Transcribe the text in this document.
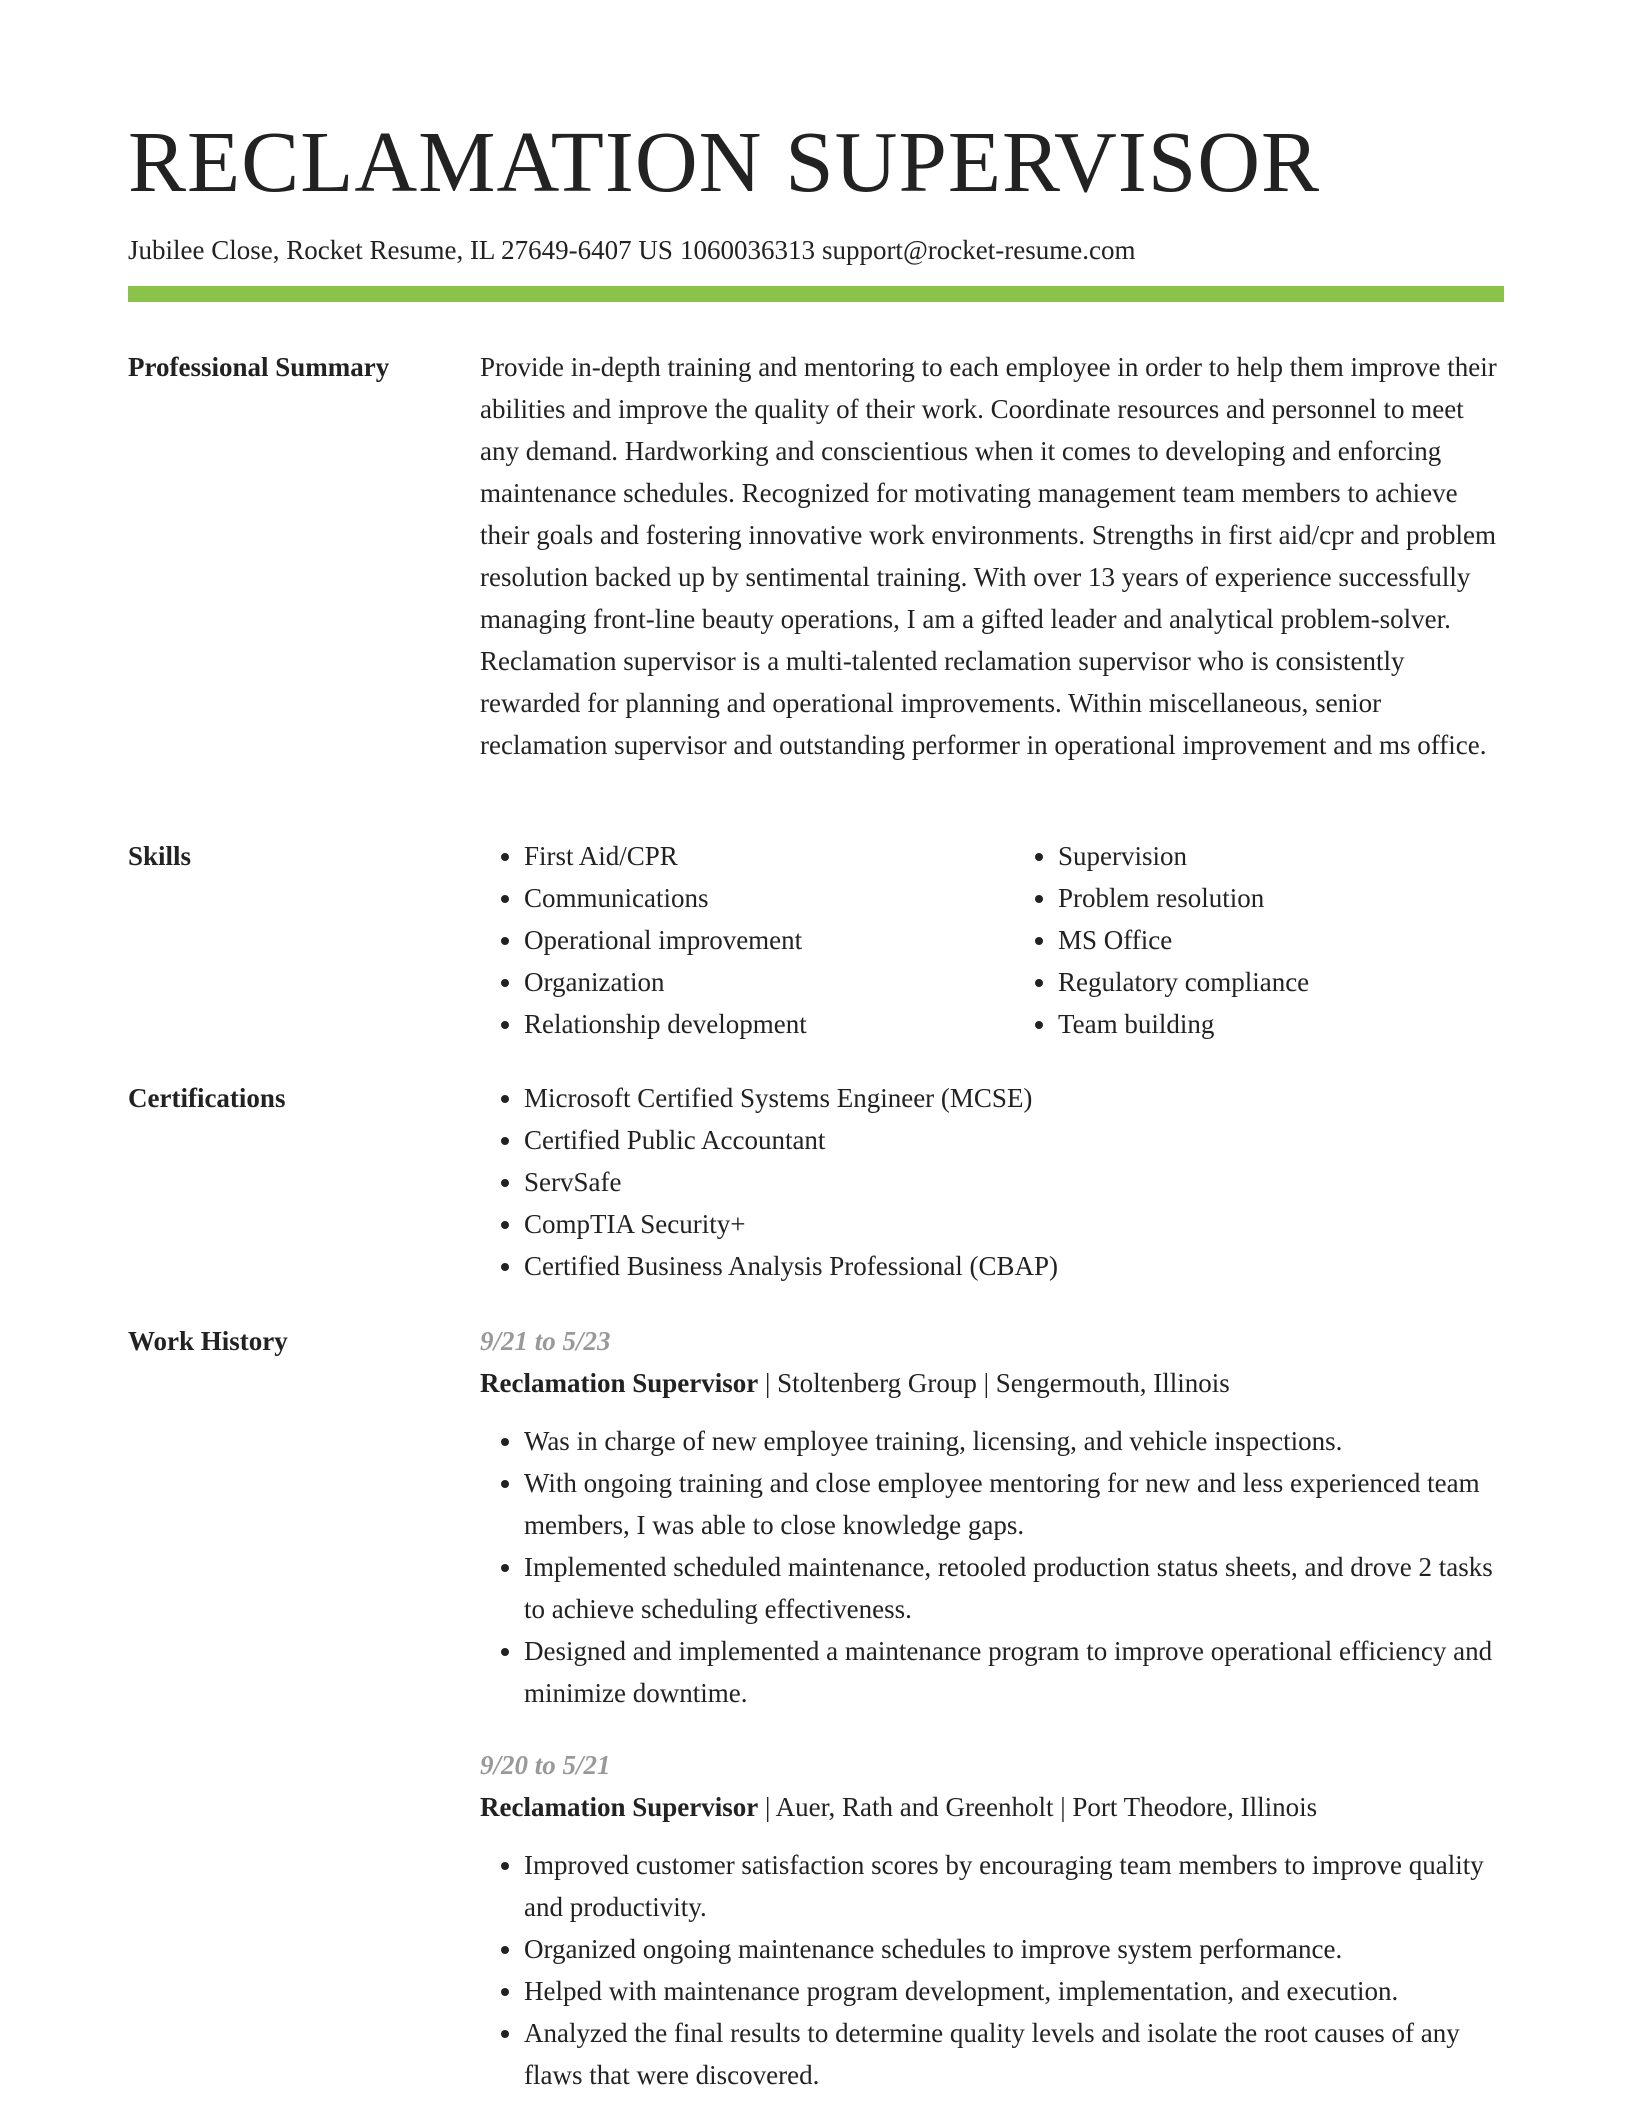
RECLAMATION SUPERVISOR
Jubilee Close, Rocket Resume, IL 27649-6407 US 1060036313 support@rocket-resume.com
Professional Summary	Provide in-depth training and mentoring to each employee in order to help them improve their abilities and improve the quality of their work. Coordinate resources and personnel to meet any demand. Hardworking and conscientious when it comes to developing and enforcing maintenance schedules. Recognized for motivating management team members to achieve their goals and fostering innovative work environments. Strengths in first aid/cpr and problem resolution backed up by sentimental training. With over 13 years of experience successfully managing front-line beauty operations, I am a gifted leader and analytical problem-solver. Reclamation supervisor is a multi-talented reclamation supervisor who is consistently rewarded for planning and operational improvements. Within miscellaneous, senior reclamation supervisor and outstanding performer in operational improvement and ms office.

Skills	• First Aid/CPR
• Communications
• Operational improvement
• Organization
• Relationship development
• Supervision
• Problem resolution
• MS Office
• Regulatory compliance
• Team building
Certifications	• Microsoft Certified Systems Engineer (MCSE)
• Certified Public Accountant
• ServSafe
• CompTIA Security+
• Certified Business Analysis Professional (CBAP)
Work History	9/21 to 5/23
Reclamation Supervisor | Stoltenberg Group | Sengermouth, Illinois
• Was in charge of new employee training, licensing, and vehicle inspections.
• With ongoing training and close employee mentoring for new and less experienced team members, I was able to close knowledge gaps.
• Implemented scheduled maintenance, retooled production status sheets, and drove 2 tasks to achieve scheduling effectiveness.
• Designed and implemented a maintenance program to improve operational efficiency and minimize downtime.
9/20 to 5/21
Reclamation Supervisor | Auer, Rath and Greenholt | Port Theodore, Illinois
• Improved customer satisfaction scores by encouraging team members to improve quality and productivity.
• Organized ongoing maintenance schedules to improve system performance.
• Helped with maintenance program development, implementation, and execution.
• Analyzed the final results to determine quality levels and isolate the root causes of any flaws that were discovered.
